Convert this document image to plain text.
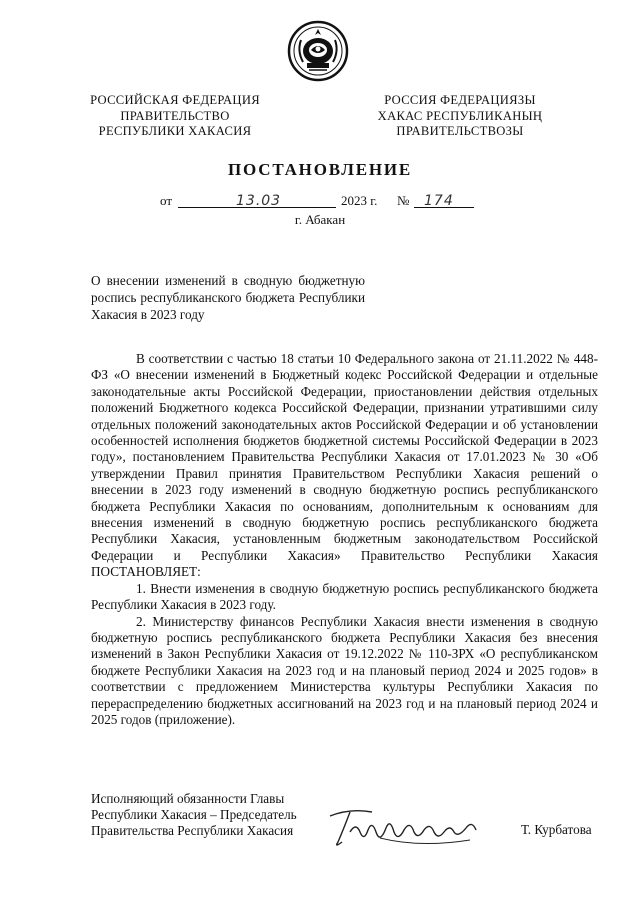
РОССИЙСКАЯ ФЕДЕРАЦИЯ
ПРАВИТЕЛЬСТВО
РЕСПУБЛИКИ ХАКАСИЯ
РОССИЯ ФЕДЕРАЦИЯЗЫ
ХАКАС РЕСПУБЛИКАНЫҢ
ПРАВИТЕЛЬСТВОЗЫ
ПОСТАНОВЛЕНИЕ
от	13.03	2023 г. № 174
г. Абакан
О внесении изменений в сводную бюджетную роспись республиканского бюджета Республики Хакасия в 2023 году

В соответствии с частью 18 статьи 10 Федерального закона от 21.11.2022 № 448-ФЗ «О внесении изменений в Бюджетный кодекс Российской Федерации и отдельные законодательные акты Российской Федерации, приостановлении действия отдельных положений Бюджетного кодекса Российской Федерации, признании утратившими силу отдельных положений законодательных актов Российской Федерации и об установлении особенностей исполнения бюджетов бюджетной системы Российской Федерации в 2023 году», постановлением Правительства Республики Хакасия от 17.01.2023 № 30 «Об утверждении Правил принятия Правительством Республики Хакасия решений о внесении в 2023 году изменений в сводную бюджетную роспись республиканского бюджета Республики Хакасия по основаниям, дополнительным к основаниям для внесения изменений в сводную бюджетную роспись республиканского бюджета Республики Хакасия, установленным бюджетным законодательством Российской Федерации и Республики Хакасия» Правительство Республики Хакасия ПОСТАНОВЛЯЕТ:

1. Внести изменения в сводную бюджетную роспись республиканского бюджета Республики Хакасия в 2023 году.

2. Министерству финансов Республики Хакасия внести изменения в сводную бюджетную роспись республиканского бюджета Республики Хакасия без внесения изменений в Закон Республики Хакасия от 19.12.2022 № 110-ЗРХ «О республиканском бюджете Республики Хакасия на 2023 год и на плановый период 2024 и 2025 годов» в соответствии с предложением Министерства культуры Республики Хакасия по перераспределению бюджетных ассигнований на 2023 год и на плановый период 2024 и 2025 годов (приложение).

Исполняющий обязанности Главы
Республики Хакасия – Председатель
Правительства Республики Хакасия	Т. Курбатова
